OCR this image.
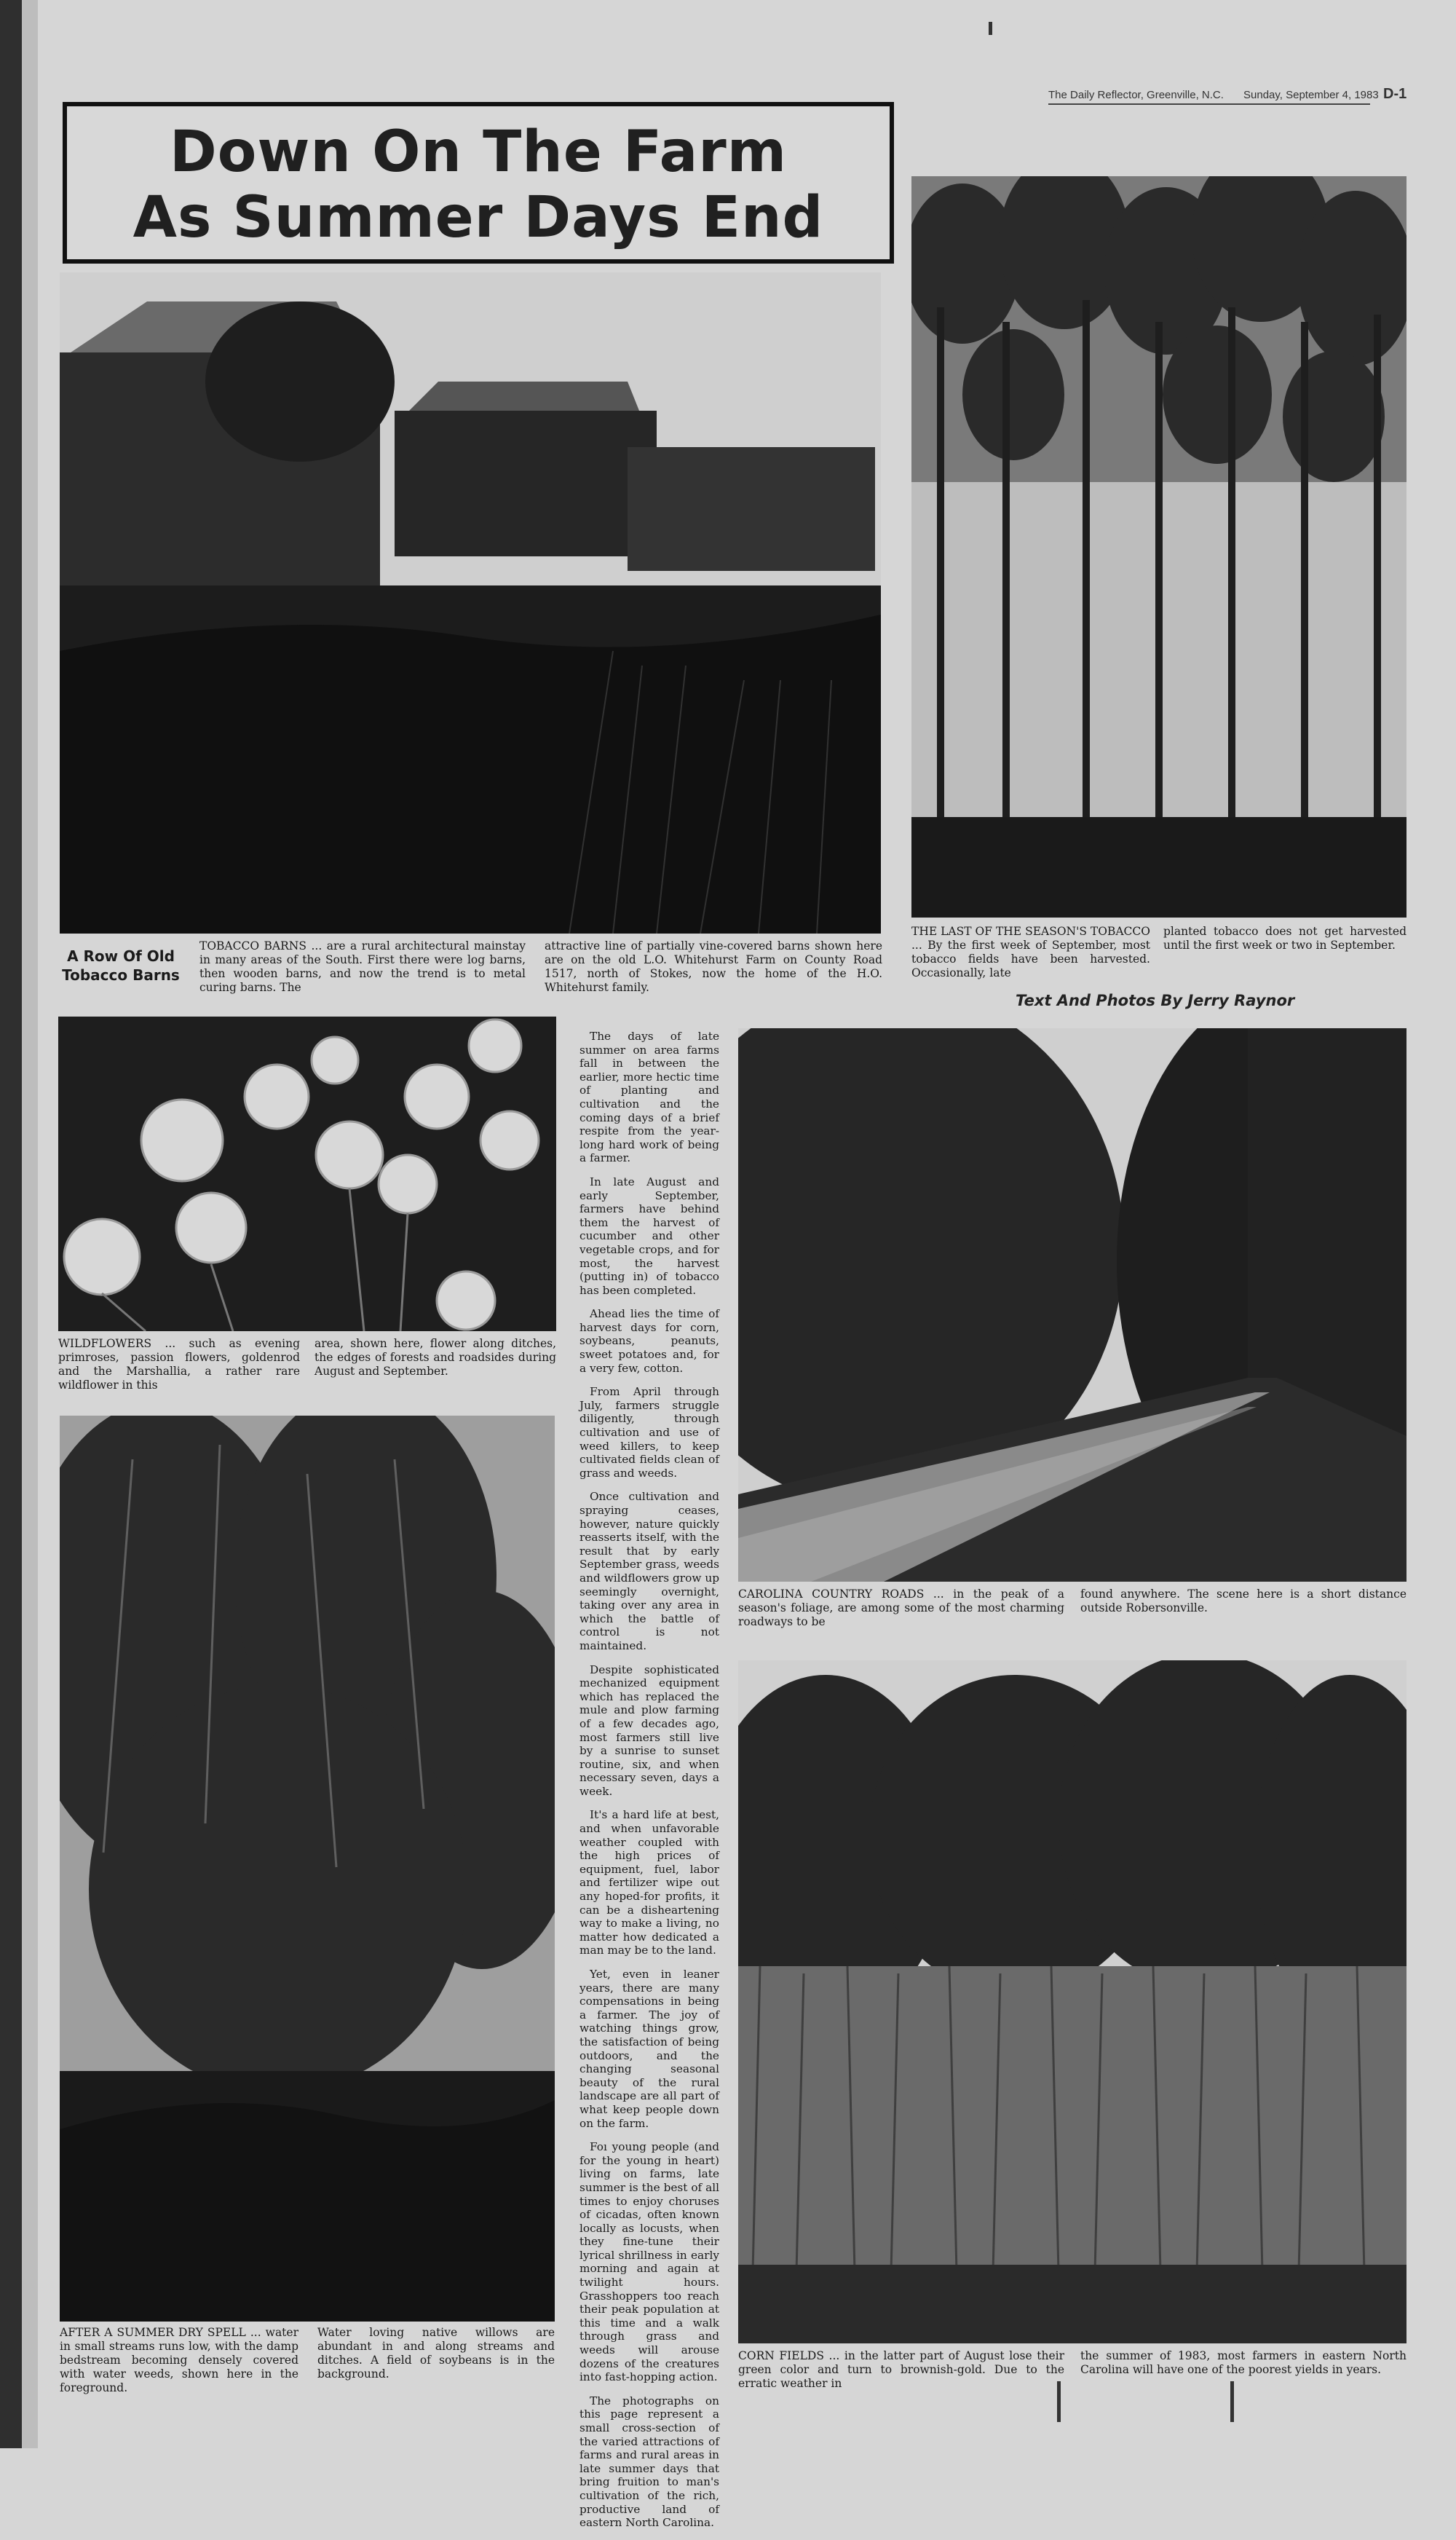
The Daily Reflector, Greenville, N.C. Sunday, September 4, 1983 D-1
Down On The Farm
As Summer Days End
A Row Of Old Tobacco Barns
TOBACCO BARNS ... are a rural architectural mainstay in many areas of the South. First there were log barns, then wooden barns, and now the trend is to metal curing barns. The
attractive line of partially vine-covered barns shown here are on the old L.O. Whitehurst Farm on County Road 1517, north of Stokes, now the home of the H.O. Whitehurst family.
THE LAST OF THE SEASON'S TOBACCO ... By the first week of September, most tobacco fields have been harvested. Occasionally, late
planted tobacco does not get harvested until the first week or two in September.
Text And Photos By Jerry Raynor
WILDFLOWERS ... such as evening primroses, passion flowers, goldenrod and the Marshallia, a rather rare wildflower in this
area, shown here, flower along ditches, the edges of forests and roadsides during August and September.
AFTER A SUMMER DRY SPELL ... water in small streams runs low, with the damp bedstream becoming densely covered with water weeds, shown here in the foreground.
Water loving native willows are abundant in and along streams and ditches. A field of soybeans is in the background.

The days of late summer on area farms fall in between the earlier, more hectic time of planting and cultivation and the coming days of a brief respite from the year-long hard work of being a farmer.

In late August and early September, farmers have behind them the harvest of cucumber and other vegetable crops, and for most, the harvest (putting in) of tobacco has been completed.

Ahead lies the time of harvest days for corn, soybeans, peanuts, sweet potatoes and, for a very few, cotton.

From April through July, farmers struggle diligently, through cultivation and use of weed killers, to keep cultivated fields clean of grass and weeds.

Once cultivation and spraying ceases, however, nature quickly reasserts itself, with the result that by early September grass, weeds and wildflowers grow up seemingly overnight, taking over any area in which the battle of control is not maintained.

Despite sophisticated mechanized equipment which has replaced the mule and plow farming of a few decades ago, most farmers still live by a sunrise to sunset routine, six, and when necessary seven, days a week.

It's a hard life at best, and when unfavorable weather coupled with the high prices of equipment, fuel, labor and fertilizer wipe out any hoped-for profits, it can be a disheartening way to make a living, no matter how dedicated a man may be to the land.

Yet, even in leaner years, there are many compensations in being a farmer. The joy of watching things grow, the satisfaction of being outdoors, and the changing seasonal beauty of the rural landscape are all part of what keep people down on the farm.

Foı young people (and for the young in heart) living on farms, late summer is the best of all times to enjoy choruses of cicadas, often known locally as locusts, when they fine-tune their lyrical shrillness in early morning and again at twilight hours. Grasshoppers too reach their peak population at this time and a walk through grass and weeds will arouse dozens of the creatures into fast-hopping action.

The photographs on this page represent a small cross-section of the varied attractions of farms and rural areas in late summer days that bring fruition to man's cultivation of the rich, productive land of eastern North Carolina.

CAROLINA COUNTRY ROADS ... in the peak of a season's foliage, are among some of the most charming roadways to be
found anywhere. The scene here is a short distance outside Robersonville.
CORN FIELDS ... in the latter part of August lose their green color and turn to brownish-gold. Due to the erratic weather in
the summer of 1983, most farmers in eastern North Carolina will have one of the poorest yields in years.
